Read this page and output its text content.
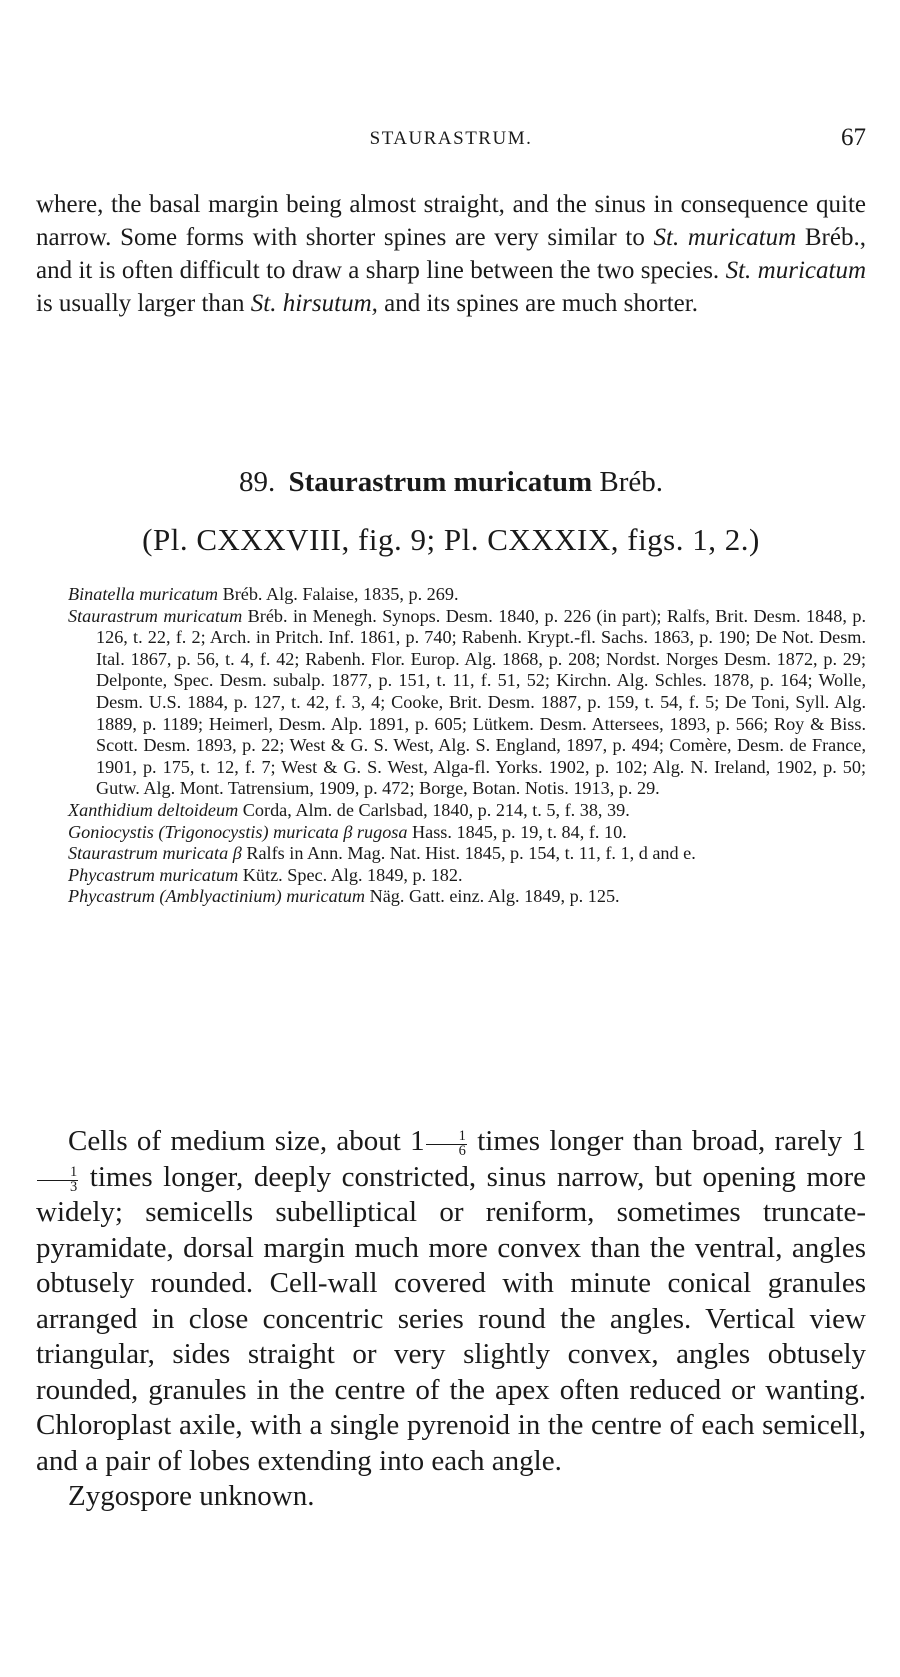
STAURASTRUM.	67
where, the basal margin being almost straight, and the sinus in consequence quite narrow. Some forms with shorter spines are very similar to St. muricatum Bréb., and it is often difficult to draw a sharp line between the two species. St. muricatum is usually larger than St. hirsutum, and its spines are much shorter.
89. Staurastrum muricatum Bréb.
(Pl. CXXXVIII, fig. 9; Pl. CXXXIX, figs. 1, 2.)
Binatella muricatum Bréb. Alg. Falaise, 1835, p. 269.
Staurastrum muricatum Bréb. in Menegh. Synops. Desm. 1840, p. 226 (in part); Ralfs, Brit. Desm. 1848, p. 126, t. 22, f. 2; Arch. in Pritch. Inf. 1861, p. 740; Rabenh. Krypt.-fl. Sachs. 1863, p. 190; De Not. Desm. Ital. 1867, p. 56, t. 4, f. 42; Rabenh. Flor. Europ. Alg. 1868, p. 208; Nordst. Norges Desm. 1872, p. 29; Delponte, Spec. Desm. subalp. 1877, p. 151, t. 11, f. 51, 52; Kirchn. Alg. Schles. 1878, p. 164; Wolle, Desm. U.S. 1884, p. 127, t. 42, f. 3, 4; Cooke, Brit. Desm. 1887, p. 159, t. 54, f. 5; De Toni, Syll. Alg. 1889, p. 1189; Heimerl, Desm. Alp. 1891, p. 605; Lütkem. Desm. Attersees, 1893, p. 566; Roy & Biss. Scott. Desm. 1893, p. 22; West & G. S. West, Alg. S. England, 1897, p. 494; Comère, Desm. de France, 1901, p. 175, t. 12, f. 7; West & G. S. West, Alga-fl. Yorks. 1902, p. 102; Alg. N. Ireland, 1902, p. 50; Gutw. Alg. Mont. Tatrensium, 1909, p. 472; Borge, Botan. Notis. 1913, p. 29.
Xanthidium deltoideum Corda, Alm. de Carlsbad, 1840, p. 214, t. 5, f. 38, 39.
Goniocystis (Trigonocystis) muricata β rugosa Hass. 1845, p. 19, t. 84, f. 10.
Staurastrum muricata β Ralfs in Ann. Mag. Nat. Hist. 1845, p. 154, t. 11, f. 1, d and e.
Phycastrum muricatum Kütz. Spec. Alg. 1849, p. 182.
Phycastrum (Amblyactinium) muricatum Näg. Gatt. einz. Alg. 1849, p. 125.

Cells of medium size, about $1 \frac{1}{6}$ times longer than broad, rarely 1
$\frac{1}{3}$ times longer, deeply constricted, sinus narrow, but opening more widely; semicells subelliptical or reniform, sometimes truncate-pyramidate, dorsal margin much more convex than the ventral, angles obtusely rounded. Cell-wall covered with minute conical granules arranged in close concentric series round the angles. Vertical view triangular, sides straight or very slightly convex, angles obtusely rounded, granules in the centre of the apex often reduced or wanting. Chloroplast axile, with a single pyrenoid in the centre of each semicell, and a pair of lobes extending into each angle.

Zygospore unknown.
